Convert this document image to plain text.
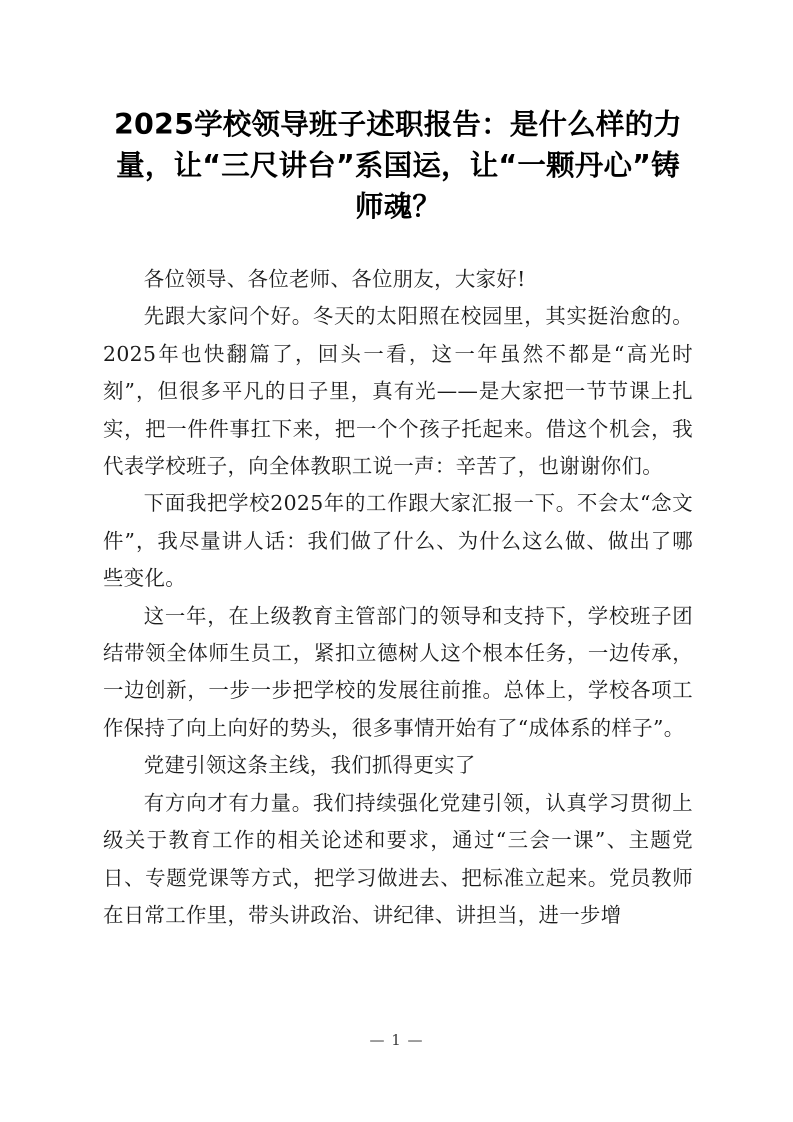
2025学校领导班子述职报告：是什么样的力量，让“三尺讲台”系国运，让“一颗丹心”铸师魂？

各位领导、各位老师、各位朋友，大家好!

先跟大家问个好。冬天的太阳照在校园里，其实挺治愈的。2025年也快翻篇了，回头一看，这一年虽然不都是“高光时刻”，但很多平凡的日子里，真有光——是大家把一节节课上扎实，把一件件事扛下来，把一个个孩子托起来。借这个机会，我代表学校班子，向全体教职工说一声：辛苦了，也谢谢你们。

下面我把学校2025年的工作跟大家汇报一下。不会太“念文件”，我尽量讲人话：我们做了什么、为什么这么做、做出了哪些变化。

这一年，在上级教育主管部门的领导和支持下，学校班子团结带领全体师生员工，紧扣立德树人这个根本任务，一边传承，一边创新，一步一步把学校的发展往前推。总体上，学校各项工作保持了向上向好的势头，很多事情开始有了“成体系的样子”。

党建引领这条主线，我们抓得更实了

有方向才有力量。我们持续强化党建引领，认真学习贯彻上级关于教育工作的相关论述和要求，通过“三会一课”、主题党日、专题党课等方式，把学习做进去、把标准立起来。党员教师在日常工作里，带头讲政治、讲纪律、讲担当，进一步增

— 1 —
